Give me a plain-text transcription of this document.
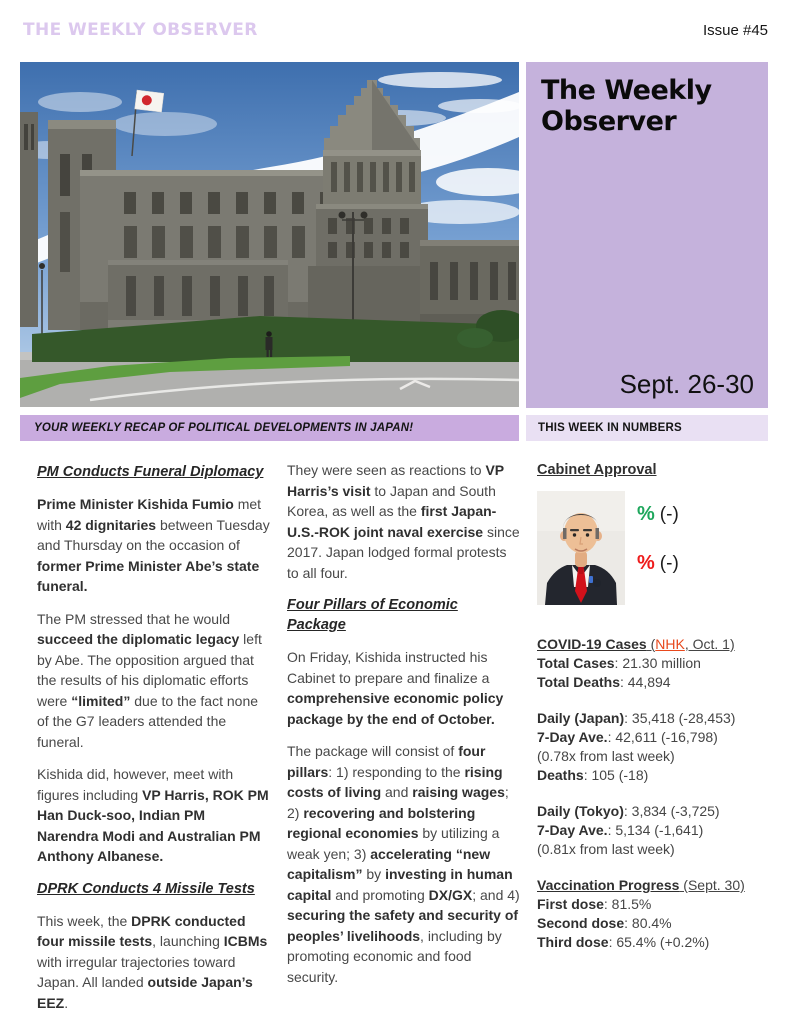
THE WEEKLY OBSERVER	Issue #45
The Weekly Observer
Sept. 26-30
YOUR WEEKLY RECAP OF POLITICAL DEVELOPMENTS IN JAPAN!	THIS WEEK IN NUMBERS
PM Conducts Funeral Diplomacy
Prime Minister Kishida Fumio met with 42 dignitaries between Tuesday and Thursday on the occasion of former Prime Minister Abe’s state funeral.
The PM stressed that he would succeed the diplomatic legacy left by Abe. The opposition argued that the results of his diplomatic efforts were “limited” due to the fact none of the G7 leaders attended the funeral.
Kishida did, however, meet with figures including VP Harris, ROK PM Han Duck-soo, Indian PM Narendra Modi and Australian PM Anthony Albanese.
DPRK Conducts 4 Missile Tests
This week, the DPRK conducted four missile tests, launching ICBMs with irregular trajectories toward Japan. All landed outside Japan’s EEZ.
They were seen as reactions to VP Harris’s visit to Japan and South Korea, as well as the first Japan-U.S.-ROK joint naval exercise since 2017. Japan lodged formal protests to all four.
Four Pillars of Economic Package
On Friday, Kishida instructed his Cabinet to prepare and finalize a comprehensive economic policy package by the end of October.
The package will consist of four pillars: 1) responding to the rising costs of living and raising wages; 2) recovering and bolstering regional economies by utilizing a weak yen; 3) accelerating “new capitalism” by investing in human capital and promoting DX/GX; and 4) securing the safety and security of peoples’ livelihoods, including by promoting economic and food security.
Cabinet Approval
% (-)
% (-)
COVID-19 Cases (NHK, Oct. 1)
Total Cases: 21.30 million
Total Deaths: 44,894
Daily (Japan): 35,418 (-28,453)
7-Day Ave.: 42,611 (-16,798)
(0.78x from last week)
Deaths: 105 (-18)
Daily (Tokyo): 3,834 (-3,725)
7-Day Ave.: 5,134 (-1,641)
(0.81x from last week)
Vaccination Progress (Sept. 30)
First dose: 81.5%
Second dose: 80.4%
Third dose: 65.4% (+0.2%)
